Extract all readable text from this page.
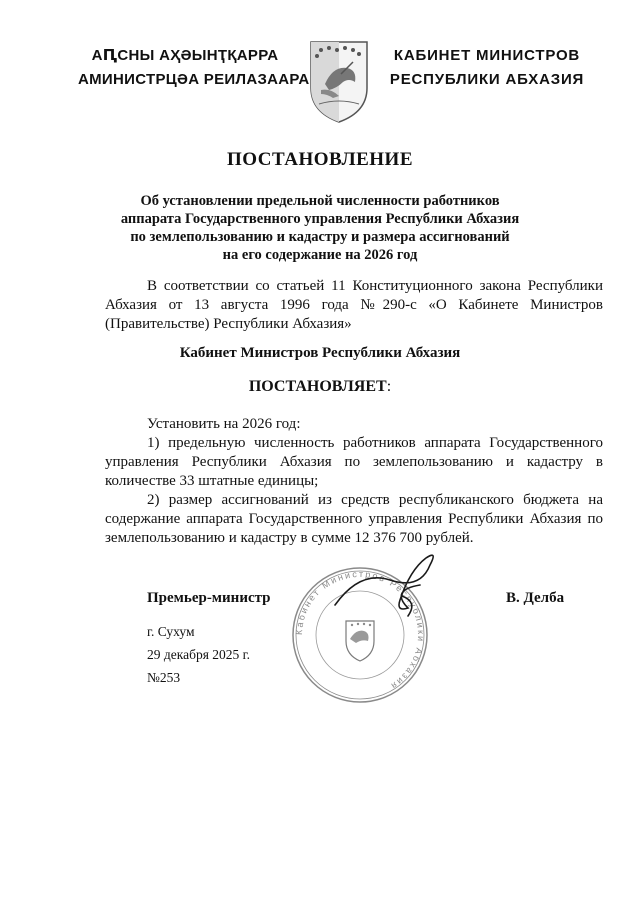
АԤСНЫ АҲӘЫНҬҚАРРА
АМИНИСТРЦӘА РЕИЛАЗААРА
КАБИНЕТ МИНИСТРОВ
РЕСПУБЛИКИ АБХАЗИЯ
ПОСТАНОВЛЕНИЕ
Об установлении предельной численности работников
аппарата Государственного управления Республики Абхазия
по землепользованию и кадастру и размера ассигнований
на его содержание на 2026 год
В соответствии со статьей 11 Конституционного закона Республики Абхазия от 13 августа 1996 года №290-с «О Кабинете Министров (Правительстве) Республики Абхазия»
Кабинет Министров Республики Абхазия
ПОСТАНОВЛЯЕТ:

Установить на 2026 год:

1) предельную численность работников аппарата Государственного управления Республики Абхазия по землепользованию и кадастру в количестве 33 штатные единицы;

2) размер ассигнований из средств республиканского бюджета на содержание аппарата Государственного управления Республики Абхазия по землепользованию и кадастру в сумме 12 376 700 рублей.

Кабинет Министров Республики Абхазия
Премьер-министр	В. Делба
г. Сухум
29 декабря 2025 г.
№253
